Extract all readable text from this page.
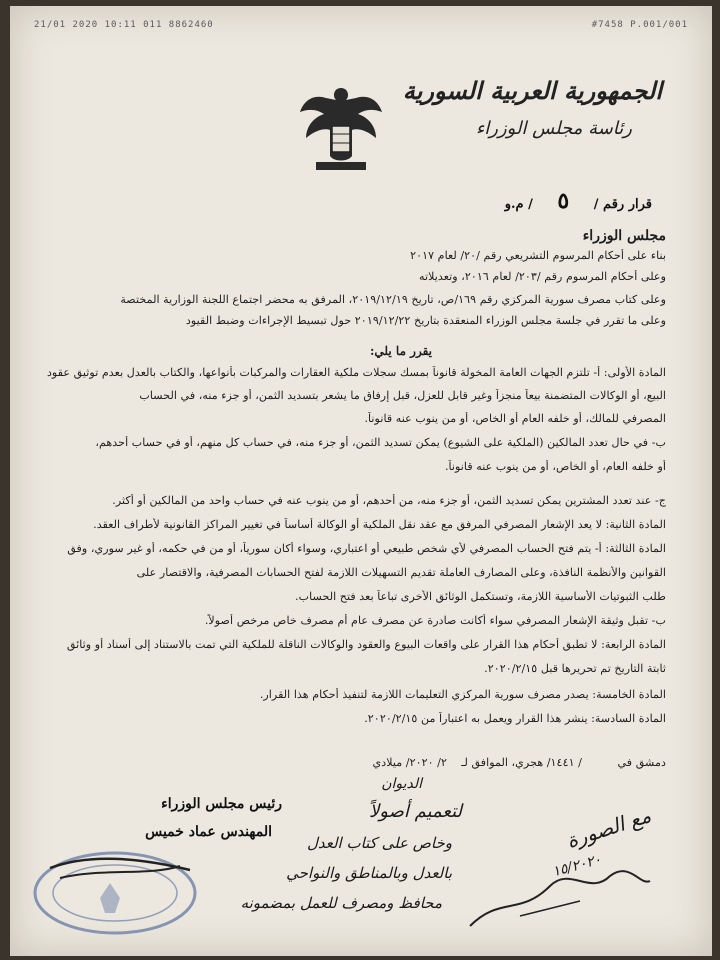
21/01 2020 10:11 011 8862460	#7458 P.001/001
الجمهورية العربية السورية
رئاسة مجلس الوزراء
قرار رقم / ٥ / م.و
مجلس الوزراء
بناء على أحكام المرسوم التشريعي رقم /٢٠/ لعام ٢٠١٧
وعلى أحكام المرسوم رقم /٢٠٣/ لعام ٢٠١٦، وتعديلاته
وعلى كتاب مصرف سورية المركزي رقم ١٦٩/ص، تاريخ ٢٠١٩/١٢/١٩، المرفق به محضر اجتماع اللجنة الوزارية المختصة
وعلى ما تقرر في جلسة مجلس الوزراء المنعقدة بتاريخ ٢٠١٩/١٢/٢٢ حول تبسيط الإجراءات وضبط القيود
يقرر ما يلي:
المادة الأولى: أ- تلتزم الجهات العامة المخولة قانوناً بمسك سجلات ملكية العقارات والمركبات بأنواعها، والكتاب بالعدل بعدم توثيق عقود
البيع، أو الوكالات المتضمنة بيعاً منجزاً وغير قابل للعزل، قبل إرفاق ما يشعر بتسديد الثمن، أو جزء منه، في الحساب
المصرفي للمالك، أو خلفه العام أو الخاص، أو من ينوب عنه قانوناً.
ب- في حال تعدد المالكين (الملكية على الشيوع) يمكن تسديد الثمن، أو جزء منه، في حساب كل منهم، أو في حساب أحدهم،
أو خلفه العام، أو الخاص، أو من ينوب عنه قانوناً.
ج- عند تعدد المشترين يمكن تسديد الثمن، أو جزء منه، من أحدهم، أو من ينوب عنه في حساب واحد من المالكين أو أكثر.
المادة الثانية: لا يعد الإشعار المصرفي المرفق مع عقد نقل الملكية أو الوكالة أساساً في تغيير المراكز القانونية لأطراف العقد.
المادة الثالثة: أ- يتم فتح الحساب المصرفي لأي شخص طبيعي أو اعتباري، وسواء أكان سورياً، أو من في حكمه، أو غير سوري، وفق
القوانين والأنظمة النافذة، وعلى المصارف العاملة تقديم التسهيلات اللازمة لفتح الحسابات المصرفية، والاقتصار على
طلب الثبوتيات الأساسية اللازمة، وتستكمل الوثائق الأخرى تباعاً بعد فتح الحساب.
ب- تقبل وثيقة الإشعار المصرفي سواء أكانت صادرة عن مصرف عام أم مصرف خاص مرخص أصولاً.
المادة الرابعة: لا تطبق أحكام هذا القرار على واقعات البيوع والعقود والوكالات الناقلة للملكية التي تمت بالاستناد إلى أسناد أو وثائق
ثابتة التاريخ تم تحريرها قبل ٢٠٢٠/٢/١٥.
المادة الخامسة: يصدر مصرف سورية المركزي التعليمات اللازمة لتنفيذ أحكام هذا القرار.
المادة السادسة: ينشر هذا القرار ويعمل به اعتباراً من ٢٠٢٠/٢/١٥.
دمشق في          / ١٤٤١/ هجري، الموافق لـ    ٢/ ٢٠٢٠/ ميلادي
رئيس مجلس الوزراء
المهندس عماد خميس
الديوان
لتعميم أصولاً
وخاص على كتاب العدل
بالعدل وبالمناطق والنواحي
محافظ ومصرف للعمل بمضمونه
مع الصورة
١٥/٢٠٢٠
